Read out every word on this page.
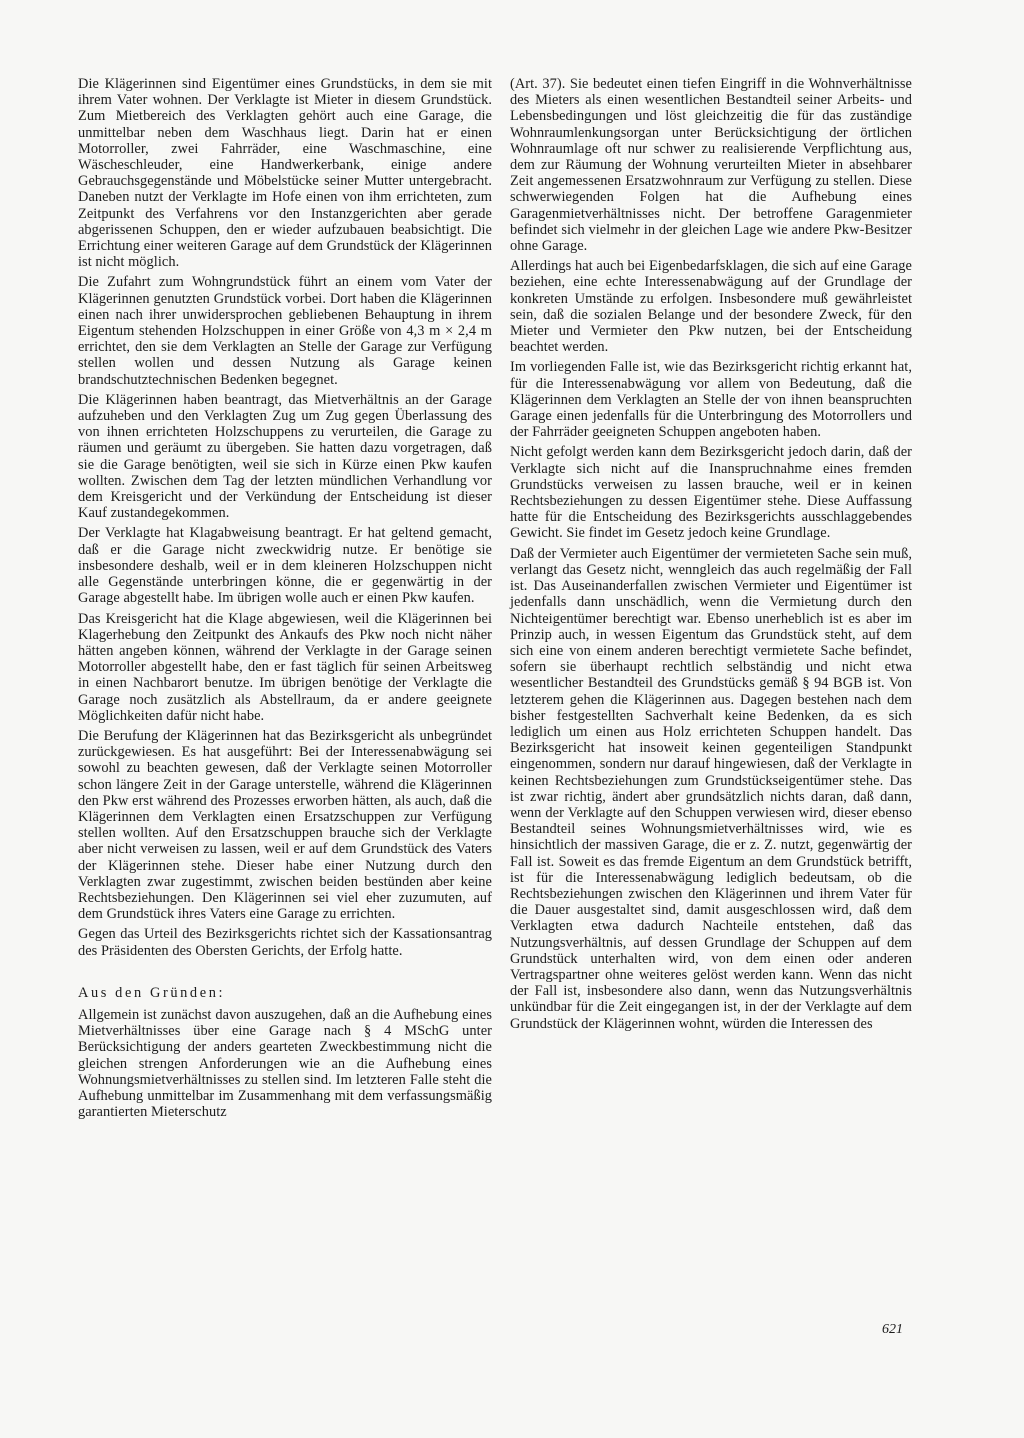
Die Klägerinnen sind Eigentümer eines Grundstücks, in dem sie mit ihrem Vater wohnen. Der Verklagte ist Mieter in diesem Grundstück. Zum Mietbereich des Verklagten gehört auch eine Garage, die unmittelbar neben dem Waschhaus liegt. Darin hat er einen Motorroller, zwei Fahrräder, eine Waschmaschine, eine Wäscheschleuder, eine Handwerkerbank, einige andere Gebrauchsgegenstände und Möbelstücke seiner Mutter untergebracht. Daneben nutzt der Verklagte im Hofe einen von ihm errichteten, zum Zeitpunkt des Verfahrens vor den Instanzgerichten aber gerade abgerissenen Schuppen, den er wieder aufzubauen beabsichtigt. Die Errichtung einer weiteren Garage auf dem Grundstück der Klägerinnen ist nicht möglich.

Die Zufahrt zum Wohngrundstück führt an einem vom Vater der Klägerinnen genutzten Grundstück vorbei. Dort haben die Klägerinnen einen nach ihrer unwidersprochen gebliebenen Behauptung in ihrem Eigentum stehenden Holzschuppen in einer Größe von 4,3 m × 2,4 m errichtet, den sie dem Verklagten an Stelle der Garage zur Verfügung stellen wollen und dessen Nutzung als Garage keinen brandschutztechnischen Bedenken begegnet.

Die Klägerinnen haben beantragt, das Mietverhältnis an der Garage aufzuheben und den Verklagten Zug um Zug gegen Überlassung des von ihnen errichteten Holzschuppens zu verurteilen, die Garage zu räumen und geräumt zu übergeben. Sie hatten dazu vorgetragen, daß sie die Garage benötigten, weil sie sich in Kürze einen Pkw kaufen wollten. Zwischen dem Tag der letzten mündlichen Verhandlung vor dem Kreisgericht und der Verkündung der Entscheidung ist dieser Kauf zustandegekommen.

Der Verklagte hat Klagabweisung beantragt. Er hat geltend gemacht, daß er die Garage nicht zweckwidrig nutze. Er benötige sie insbesondere deshalb, weil er in dem kleineren Holzschuppen nicht alle Gegenstände unterbringen könne, die er gegenwärtig in der Garage abgestellt habe. Im übrigen wolle auch er einen Pkw kaufen.

Das Kreisgericht hat die Klage abgewiesen, weil die Klägerinnen bei Klagerhebung den Zeitpunkt des Ankaufs des Pkw noch nicht näher hätten angeben können, während der Verklagte in der Garage seinen Motorroller abgestellt habe, den er fast täglich für seinen Arbeitsweg in einen Nachbarort benutze. Im übrigen benötige der Verklagte die Garage noch zusätzlich als Abstellraum, da er andere geeignete Möglichkeiten dafür nicht habe.

Die Berufung der Klägerinnen hat das Bezirksgericht als unbegründet zurückgewiesen. Es hat ausgeführt: Bei der Interessenabwägung sei sowohl zu beachten gewesen, daß der Verklagte seinen Motorroller schon längere Zeit in der Garage unterstelle, während die Klägerinnen den Pkw erst während des Prozesses erworben hätten, als auch, daß die Klägerinnen dem Verklagten einen Ersatzschuppen zur Verfügung stellen wollten. Auf den Ersatzschuppen brauche sich der Verklagte aber nicht verweisen zu lassen, weil er auf dem Grundstück des Vaters der Klägerinnen stehe. Dieser habe einer Nutzung durch den Verklagten zwar zugestimmt, zwischen beiden bestünden aber keine Rechtsbeziehungen. Den Klägerinnen sei viel eher zuzumuten, auf dem Grundstück ihres Vaters eine Garage zu errichten.

Gegen das Urteil des Bezirksgerichts richtet sich der Kassationsantrag des Präsidenten des Obersten Gerichts, der Erfolg hatte.

Aus den Gründen:

Allgemein ist zunächst davon auszugehen, daß an die Aufhebung eines Mietverhältnisses über eine Garage nach § 4 MSchG unter Berücksichtigung der anders gearteten Zweckbestimmung nicht die gleichen strengen Anforderungen wie an die Aufhebung eines Wohnungsmietverhältnisses zu stellen sind. Im letzteren Falle steht die Aufhebung unmittelbar im Zusammenhang mit dem verfassungsmäßig garantierten Mieterschutz

(Art. 37). Sie bedeutet einen tiefen Eingriff in die Wohnverhältnisse des Mieters als einen wesentlichen Bestandteil seiner Arbeits- und Lebensbedingungen und löst gleichzeitig die für das zuständige Wohnraumlenkungsorgan unter Berücksichtigung der örtlichen Wohnraumlage oft nur schwer zu realisierende Verpflichtung aus, dem zur Räumung der Wohnung verurteilten Mieter in absehbarer Zeit angemessenen Ersatzwohnraum zur Verfügung zu stellen. Diese schwerwiegenden Folgen hat die Aufhebung eines Garagenmietverhältnisses nicht. Der betroffene Garagenmieter befindet sich vielmehr in der gleichen Lage wie andere Pkw-Besitzer ohne Garage.

Allerdings hat auch bei Eigenbedarfsklagen, die sich auf eine Garage beziehen, eine echte Interessenabwägung auf der Grundlage der konkreten Umstände zu erfolgen. Insbesondere muß gewährleistet sein, daß die sozialen Belange und der besondere Zweck, für den Mieter und Vermieter den Pkw nutzen, bei der Entscheidung beachtet werden.

Im vorliegenden Falle ist, wie das Bezirksgericht richtig erkannt hat, für die Interessenabwägung vor allem von Bedeutung, daß die Klägerinnen dem Verklagten an Stelle der von ihnen beanspruchten Garage einen jedenfalls für die Unterbringung des Motorrollers und der Fahrräder geeigneten Schuppen angeboten haben.

Nicht gefolgt werden kann dem Bezirksgericht jedoch darin, daß der Verklagte sich nicht auf die Inanspruchnahme eines fremden Grundstücks verweisen zu lassen brauche, weil er in keinen Rechtsbeziehungen zu dessen Eigentümer stehe. Diese Auffassung hatte für die Entscheidung des Bezirksgerichts ausschlaggebendes Gewicht. Sie findet im Gesetz jedoch keine Grundlage.

Daß der Vermieter auch Eigentümer der vermieteten Sache sein muß, verlangt das Gesetz nicht, wenngleich das auch regelmäßig der Fall ist. Das Auseinanderfallen zwischen Vermieter und Eigentümer ist jedenfalls dann unschädlich, wenn die Vermietung durch den Nichteigentümer berechtigt war. Ebenso unerheblich ist es aber im Prinzip auch, in wessen Eigentum das Grundstück steht, auf dem sich eine von einem anderen berechtigt vermietete Sache befindet, sofern sie überhaupt rechtlich selbständig und nicht etwa wesentlicher Bestandteil des Grundstücks gemäß § 94 BGB ist. Von letzterem gehen die Klägerinnen aus. Dagegen bestehen nach dem bisher festgestellten Sachverhalt keine Bedenken, da es sich lediglich um einen aus Holz errichteten Schuppen handelt. Das Bezirksgericht hat insoweit keinen gegenteiligen Standpunkt eingenommen, sondern nur darauf hingewiesen, daß der Verklagte in keinen Rechtsbeziehungen zum Grundstückseigentümer stehe. Das ist zwar richtig, ändert aber grundsätzlich nichts daran, daß dann, wenn der Verklagte auf den Schuppen verwiesen wird, dieser ebenso Bestandteil seines Wohnungsmietverhältnisses wird, wie es hinsichtlich der massiven Garage, die er z. Z. nutzt, gegenwärtig der Fall ist. Soweit es das fremde Eigentum an dem Grundstück betrifft, ist für die Interessenabwägung lediglich bedeutsam, ob die Rechtsbeziehungen zwischen den Klägerinnen und ihrem Vater für die Dauer ausgestaltet sind, damit ausgeschlossen wird, daß dem Verklagten etwa dadurch Nachteile entstehen, daß das Nutzungsverhältnis, auf dessen Grundlage der Schuppen auf dem Grundstück unterhalten wird, von dem einen oder anderen Vertragspartner ohne weiteres gelöst werden kann. Wenn das nicht der Fall ist, insbesondere also dann, wenn das Nutzungsverhältnis unkündbar für die Zeit eingegangen ist, in der der Verklagte auf dem Grundstück der Klägerinnen wohnt, würden die Interessen des

621
